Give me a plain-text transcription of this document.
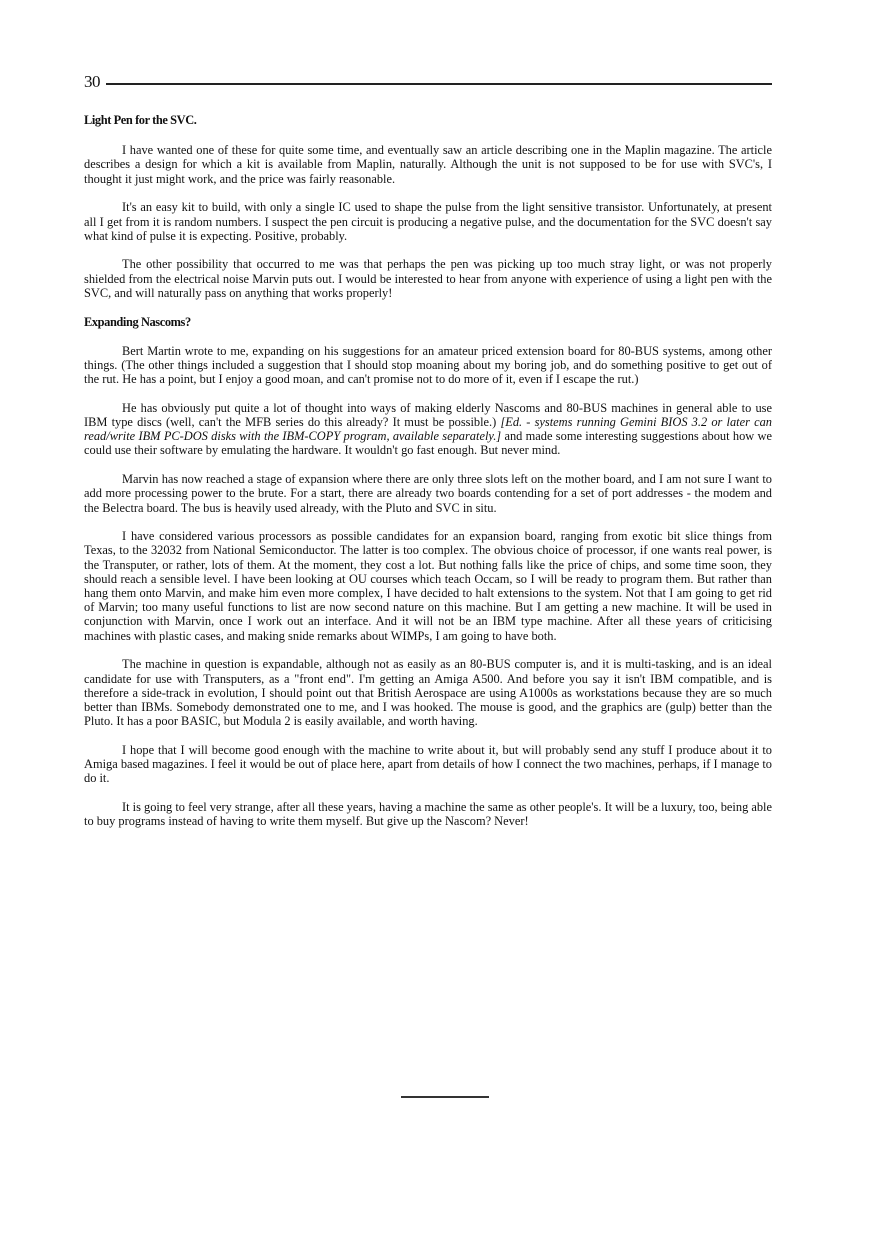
30

Light Pen for the SVC.

I have wanted one of these for quite some time, and eventually saw an article describing one in the Maplin magazine. The article describes a design for which a kit is available from Maplin, naturally. Although the unit is not supposed to be for use with SVC's, I thought it just might work, and the price was fairly reasonable.

It's an easy kit to build, with only a single IC used to shape the pulse from the light sensitive transistor. Unfortunately, at present all I get from it is random numbers. I suspect the pen circuit is producing a negative pulse, and the documentation for the SVC doesn't say what kind of pulse it is expecting. Positive, probably.

The other possibility that occurred to me was that perhaps the pen was picking up too much stray light, or was not properly shielded from the electrical noise Marvin puts out. I would be interested to hear from anyone with experience of using a light pen with the SVC, and will naturally pass on anything that works properly!

Expanding Nascoms?

Bert Martin wrote to me, expanding on his suggestions for an amateur priced extension board for 80-BUS systems, among other things. (The other things included a suggestion that I should stop moaning about my boring job, and do something positive to get out of the rut. He has a point, but I enjoy a good moan, and can't promise not to do more of it, even if I escape the rut.)

He has obviously put quite a lot of thought into ways of making elderly Nascoms and 80-BUS machines in general able to use IBM type discs (well, can't the MFB series do this already? It must be possible.) [Ed. - systems running Gemini BIOS 3.2 or later can read/write IBM PC-DOS disks with the IBM-COPY program, available separately.] and made some interesting suggestions about how we could use their software by emulating the hardware. It wouldn't go fast enough. But never mind.

Marvin has now reached a stage of expansion where there are only three slots left on the mother board, and I am not sure I want to add more processing power to the brute. For a start, there are already two boards contending for a set of port addresses - the modem and the Belectra board. The bus is heavily used already, with the Pluto and SVC in situ.

I have considered various processors as possible candidates for an expansion board, ranging from exotic bit slice things from Texas, to the 32032 from National Semiconductor. The latter is too complex. The obvious choice of processor, if one wants real power, is the Transputer, or rather, lots of them. At the moment, they cost a lot. But nothing falls like the price of chips, and some time soon, they should reach a sensible level. I have been looking at OU courses which teach Occam, so I will be ready to program them. But rather than hang them onto Marvin, and make him even more complex, I have decided to halt extensions to the system. Not that I am going to get rid of Marvin; too many useful functions to list are now second nature on this machine. But I am getting a new machine. It will be used in conjunction with Marvin, once I work out an interface. And it will not be an IBM type machine. After all these years of criticising machines with plastic cases, and making snide remarks about WIMPs, I am going to have both.

The machine in question is expandable, although not as easily as an 80-BUS computer is, and it is multi-tasking, and is an ideal candidate for use with Transputers, as a "front end". I'm getting an Amiga A500. And before you say it isn't IBM compatible, and is therefore a side-track in evolution, I should point out that British Aerospace are using A1000s as workstations because they are so much better than IBMs. Somebody demonstrated one to me, and I was hooked. The mouse is good, and the graphics are (gulp) better than the Pluto. It has a poor BASIC, but Modula 2 is easily available, and worth having.

I hope that I will become good enough with the machine to write about it, but will probably send any stuff I produce about it to Amiga based magazines. I feel it would be out of place here, apart from details of how I connect the two machines, perhaps, if I manage to do it.

It is going to feel very strange, after all these years, having a machine the same as other people's. It will be a luxury, too, being able to buy programs instead of having to write them myself. But give up the Nascom? Never!
